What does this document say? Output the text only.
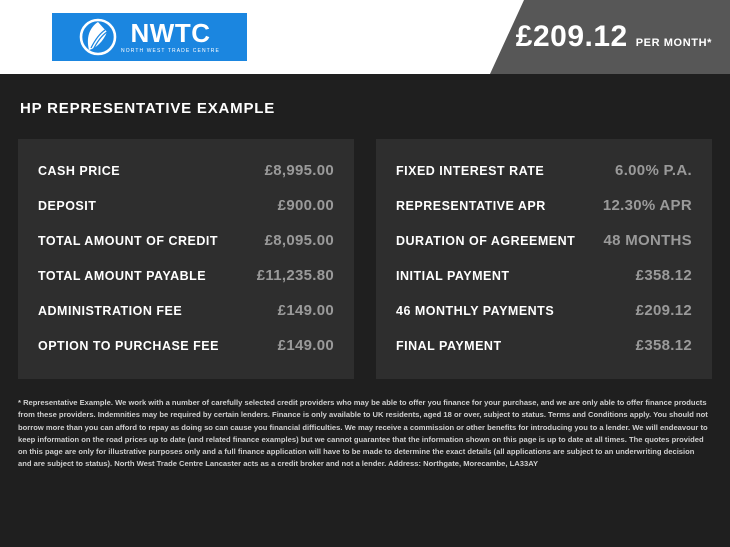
NWTC
NORTH WEST TRADE CENTRE	£209.12 PER MONTH*
HP REPRESENTATIVE EXAMPLE
CASH PRICE	£8,995.00
DEPOSIT	£900.00
TOTAL AMOUNT OF CREDIT	£8,095.00
TOTAL AMOUNT PAYABLE	£11,235.80
ADMINISTRATION FEE	£149.00
OPTION TO PURCHASE FEE	£149.00
FIXED INTEREST RATE	6.00% P.A.
REPRESENTATIVE APR	12.30% APR
DURATION OF AGREEMENT 48 MONTHS
INITIAL PAYMENT	£358.12
46 MONTHLY PAYMENTS	£209.12
FINAL PAYMENT	£358.12
* Representative Example. We work with a number of carefully selected credit providers who may be able to offer you finance for your purchase, and we are only able to offer finance products from these providers. Indemnities may be required by certain lenders. Finance is only available to UK residents, aged 18 or over, subject to status. Terms and Conditions apply. You should not borrow more than you can afford to repay as doing so can cause you financial difficulties. We may receive a commission or other benefits for introducing you to a lender. We will endeavour to keep information on the road prices up to date (and related finance examples) but we cannot guarantee that the information shown on this page is up to date at all times. The quotes provided on this page are only for illustrative purposes only and a full finance application will have to be made to determine the exact details (all applications are subject to an underwriting decision and are subject to status). North West Trade Centre Lancaster acts as a credit broker and not a lender. Address: Northgate, Morecambe, LA33AY
